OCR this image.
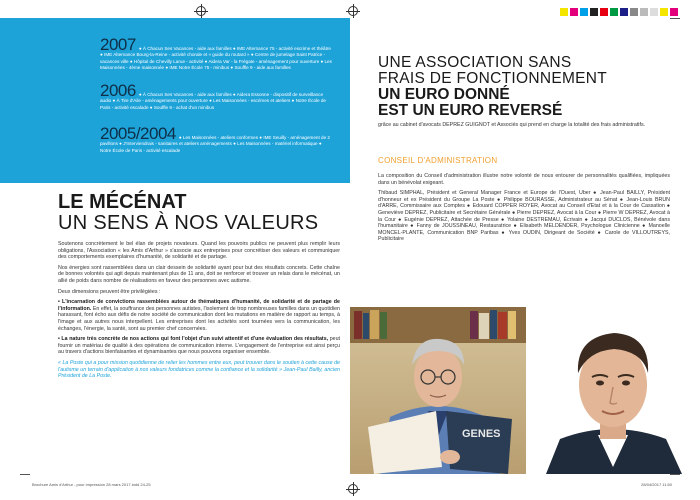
2007 ● À Chacun Ses Vacances - aide aux familles ● IME Alternance 75 - activité escrime et théâtre ● IME Alternance Bourg-la-Reine - activité chorale et « guide du routard » ● Centre de jumelage Saint Patrice - vacances ville ● Hôpital de Chevilly Larue - activité ● Aidera Var - la Frégate - aménagement pour ouverture ● Les Maisonnées - 4ème maisonnée ● IME Notre École 75 - minibus ● Souffle 9 - aide aux familles
2006 ● À Chacun Ses Vacances - aide aux familles ● Aidera Essonne - dispositif de surveillance audio ● À Tire d'Aile - aménagements pour ouverture ● Les Maisonnées - escrimes et ateliers ● Notre École de Paris - activité escalade ● Souffle 9 - achat d'un minibus
2005/2004 ● Les Maisonnées - ateliers conformes ● IME Seuilly - aménagement de 2 pavillons ● J'Interviendrais - sanitaires et ateliers aménagements ● Les Maisonnées - matériel informatique ● Notre École de Paris - activité escalade
LE MÉCÉNAT
UN SENS À NOS VALEURS

Soutenons concrètement le bel élan de projets novateurs. Quand les pouvoirs publics ne peuvent plus remplir leurs obligations, l'Association « les Amis d'Arthur » s'associe aux entreprises pour concrétiser des valeurs et communiquer des comportements exemplaires d'humanité, de solidarité et de partage.

Nos énergies sont rassemblées dans un clair dessein de solidarité ayant pour but des résultats concrets. Cette chaîne de bonnes volontés qui agit depuis maintenant plus de 11 ans, doit se renforcer et trouver un relais dans le mécénat, un allié de poids dans nombre de réalisations en faveur des personnes avec autisme.

Deux dimensions peuvent être privilégiées :

• L'incarnation de convictions rassemblées autour de thématiques d'humanité, de solidarité et de partage de l'information. En effet, la souffrance des personnes autistes, l'isolement de trop nombreuses familles dans un quotidien harassant, font écho aux défis de notre société de communication dont les mutations en matière de rapport au temps, à l'image et aux autres nous interpellent. Les entreprises dont les activités sont tournées vers la communication, les échanges, l'énergie, la santé, sont au premier chef concernées.

• La nature très concrète de nos actions qui font l'objet d'un suivi attentif et d'une évaluation des résultats, peut fournir un matériau de qualité à des opérations de communication interne. L'engagement de l'entreprise est ainsi perçu au travers d'actions bienfaisantes et dynamisantes que nous pouvons organiser ensemble.

« La Poste qui a pour mission quotidienne de relier les hommes entre eux, peut trouver dans le soutien à cette cause de l'autisme un terrain d'application à nos valeurs fondatrices comme la confiance et la solidarité » Jean-Paul Bailly, ancien Président de La Poste.

UNE ASSOCIATION SANS
FRAIS DE FONCTIONNEMENT
UN EURO DONNÉ
EST UN EURO REVERSÉ
grâce au cabinet d'avocats DEPREZ GUIGNOT et Associés qui prend en charge la totalité des frais administratifs.
CONSEIL D'ADMINISTRATION

La composition du Conseil d'administration illustre notre volonté de nous entourer de personnalités qualifiées, impliquées dans un bénévolat exigeant.

Thibaud SIMPHAL, Président et General Manager France et Europe de l'Ouest, Uber ● Jean-Paul BAILLY, Président d'honneur et ex Président du Groupe La Poste ● Philippe BOURASSE, Administrateur au Sénat ● Jean-Louis BRUN d'ARRE, Commissaire aux Comptes ● Edouard COPPER ROYER, Avocat au Conseil d'Etat et à la Cour de Cassation ● Geneviève DEPREZ, Publicitaire et Secrétaire Générale ● Pierre DEPREZ, Avocat à la Cour ● Pierre W DEPREZ, Avocat à la Cour ● Eugénie DEPREZ, Attachée de Presse ● Yolaine DESTREMAU, Écrivain ● Jacqui DUCLOS, Bénévole dans l'humanitaire ● Fanny de JOUSSINEAU, Restauratrice ● Elisabeth MELDENDER, Psychologue Clinicienne ● Manoelle MONCEL-PLANTE, Communication BNP Paribas ● Yves OUDIN, Dirigeant de Société ● Carole de VILLOUTREYS, Publicitaire

GENES
Brochure Amis d'Arthur - pour impression 28 mars 2017.indd 24-25	28/04/2017 11:50
